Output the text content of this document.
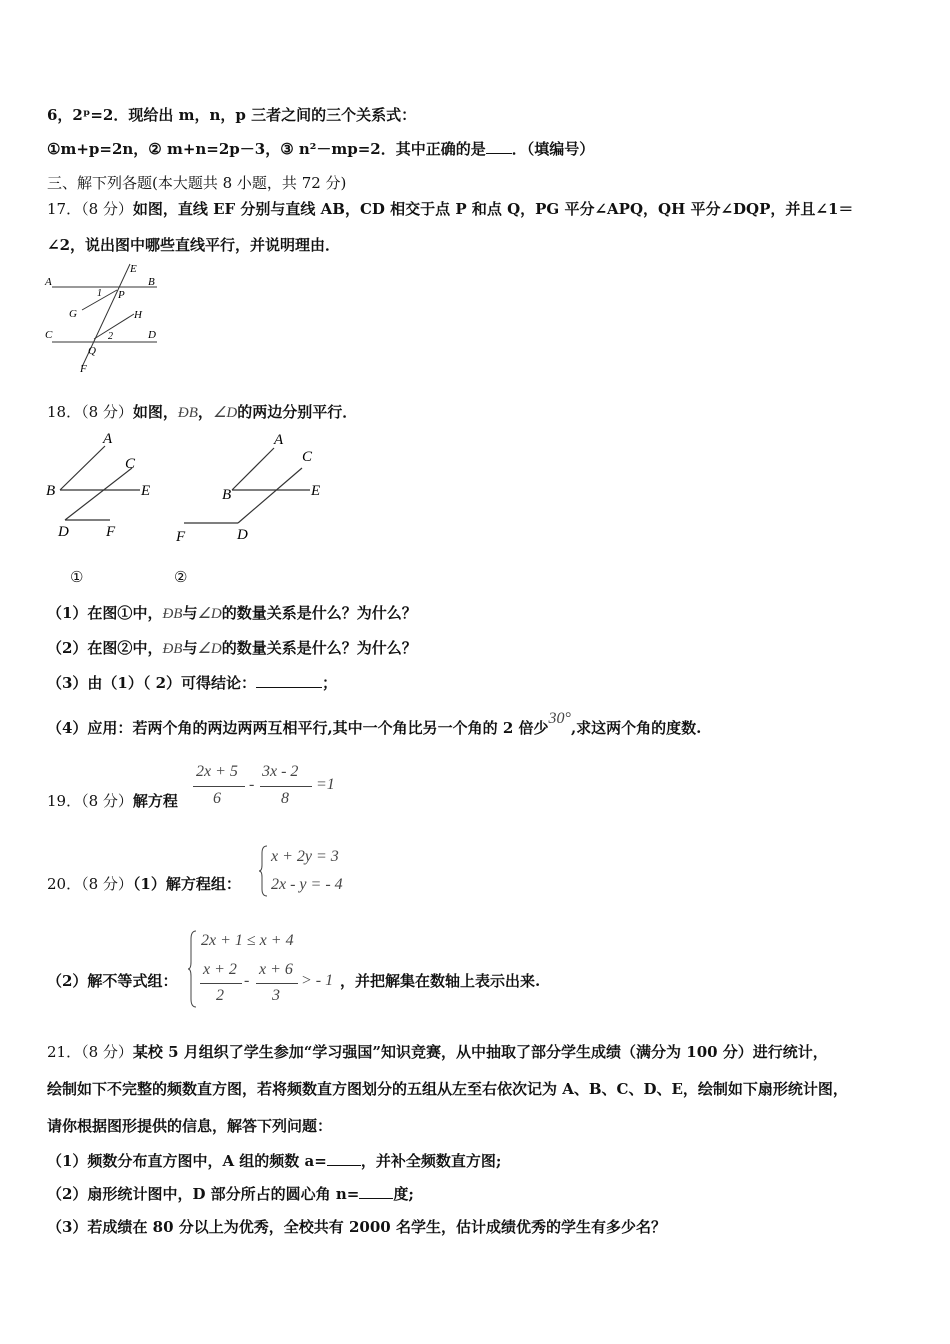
6，2ᵖ=2．现给出 m，n，p 三者之间的三个关系式：
①m+p=2n，② m+n=2p－3，③ n²－mp=2．其中正确的是 ．（填编号）
三、解下列各题(本大题共 8 小题，共 72 分)
17．（8 分）如图，直线 EF 分别与直线 AB，CD 相交于点 P 和点 Q，PG 平分∠APQ，QH 平分∠DQP，并且∠1＝
∠2，说出图中哪些直线平行，并说明理由．
A
E
B
1 P
G	H
C	2	D
Q
F
18．（8 分）如图，ÐB，∠D的两边分别平行．
A
C
B	E
D F
A
C
B	E
F	D
①	②
（1）在图①中，ÐB与∠D的数量关系是什么？为什么？
（2）在图②中，ÐB与∠D的数量关系是什么？为什么？
（3）由（1）（ 2）可得结论：	；
（4）应用：若两个角的两边两两互相平行,其中一个角比另一个角的 2 倍少30°,求这两个角的度数.
19．（8 分）解方程
2x + 5
6
-
3x - 2
8
=1
20．（8 分）（1）解方程组：
x + 2y = 3
2x - y = - 4
（2）解不等式组：
2x + 1 ≤ x + 4
x + 2
2
-
x + 6
3
> - 1 ，并把解集在数轴上表示出来.
21．（8 分）某校 5 月组织了学生参加“学习强国”知识竞赛，从中抽取了部分学生成绩（满分为 100 分）进行统计，
绘制如下不完整的频数直方图，若将频数直方图划分的五组从左至右依次记为 A、B、C、D、E，绘制如下扇形统计图，
请你根据图形提供的信息，解答下列问题：
（1）频数分布直方图中，A 组的频数 a= ，并补全频数直方图;
（2）扇形统计图中，D 部分所占的圆心角 n= 度;
（3）若成绩在 80 分以上为优秀，全校共有 2000 名学生，估计成绩优秀的学生有多少名？
